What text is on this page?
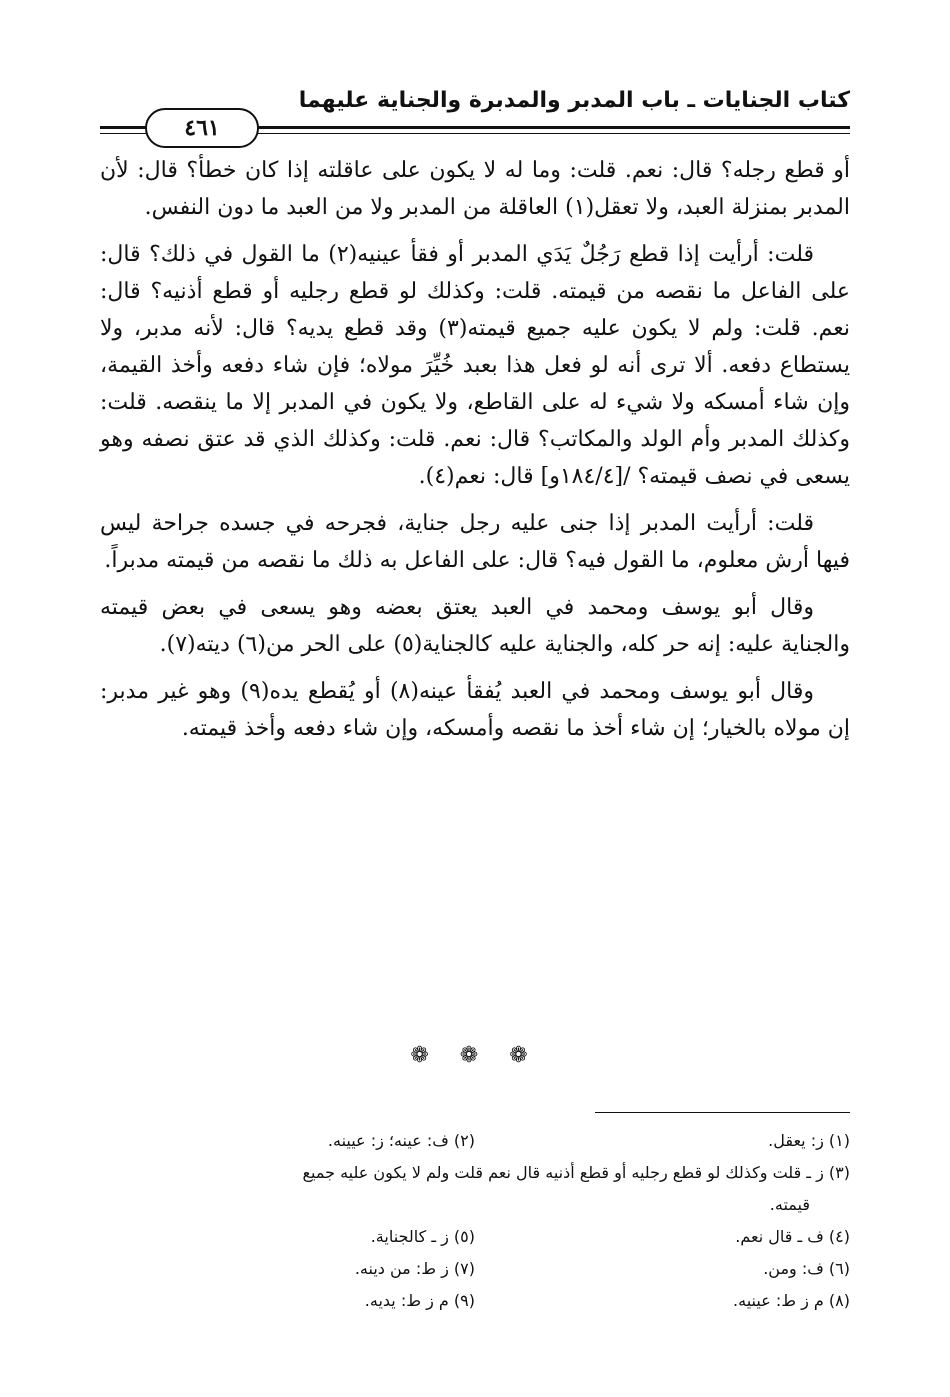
كتاب الجنايات ـ باب المدبر والمدبرة والجناية عليهما
٤٦١

أو قطع رجله؟ قال: نعم. قلت: وما له لا يكون على عاقلته إذا كان خطأ؟ قال: لأن المدبر بمنزلة العبد، ولا تعقل(١) العاقلة من المدبر ولا من العبد ما دون النفس.

قلت: أرأيت إذا قطع رَجُلٌ يَدَي المدبر أو فقأ عينيه(٢) ما القول في ذلك؟ قال: على الفاعل ما نقصه من قيمته. قلت: وكذلك لو قطع رجليه أو قطع أذنيه؟ قال: نعم. قلت: ولم لا يكون عليه جميع قيمته(٣) وقد قطع يديه؟ قال: لأنه مدبر، ولا يستطاع دفعه. ألا ترى أنه لو فعل هذا بعبد خُيِّرَ مولاه؛ فإن شاء دفعه وأخذ القيمة، وإن شاء أمسكه ولا شيء له على القاطع، ولا يكون في المدبر إلا ما ينقصه. قلت: وكذلك المدبر وأم الولد والمكاتب؟ قال: نعم. قلت: وكذلك الذي قد عتق نصفه وهو يسعى في نصف قيمته؟ /[١٨٤/٤و] قال: نعم(٤).

قلت: أرأيت المدبر إذا جنى عليه رجل جناية، فجرحه في جسده جراحة ليس فيها أرش معلوم، ما القول فيه؟ قال: على الفاعل به ذلك ما نقصه من قيمته مدبراً.

وقال أبو يوسف ومحمد في العبد يعتق بعضه وهو يسعى في بعض قيمته والجناية عليه: إنه حر كله، والجناية عليه كالجناية(٥) على الحر من(٦) ديته(٧).

وقال أبو يوسف ومحمد في العبد يُفقأ عينه(٨) أو يُقطع يده(٩) وهو غير مدبر: إن مولاه بالخيار؛ إن شاء أخذ ما نقصه وأمسكه، وإن شاء دفعه وأخذ قيمته.

❁ ❁ ❁
(١) ز: يعقل.
(٢) ف: عينه؛ ز: عيينه.
(٣) ز ـ قلت وكذلك لو قطع رجليه أو قطع أذنيه قال نعم قلت ولم لا يكون عليه جميع
قيمته.
(٤) ف ـ قال نعم.
(٥) ز ـ كالجناية.
(٦) ف: ومن.
(٧) ز ط: من دينه.
(٨) م ز ط: عينيه.
(٩) م ز ط: يديه.
